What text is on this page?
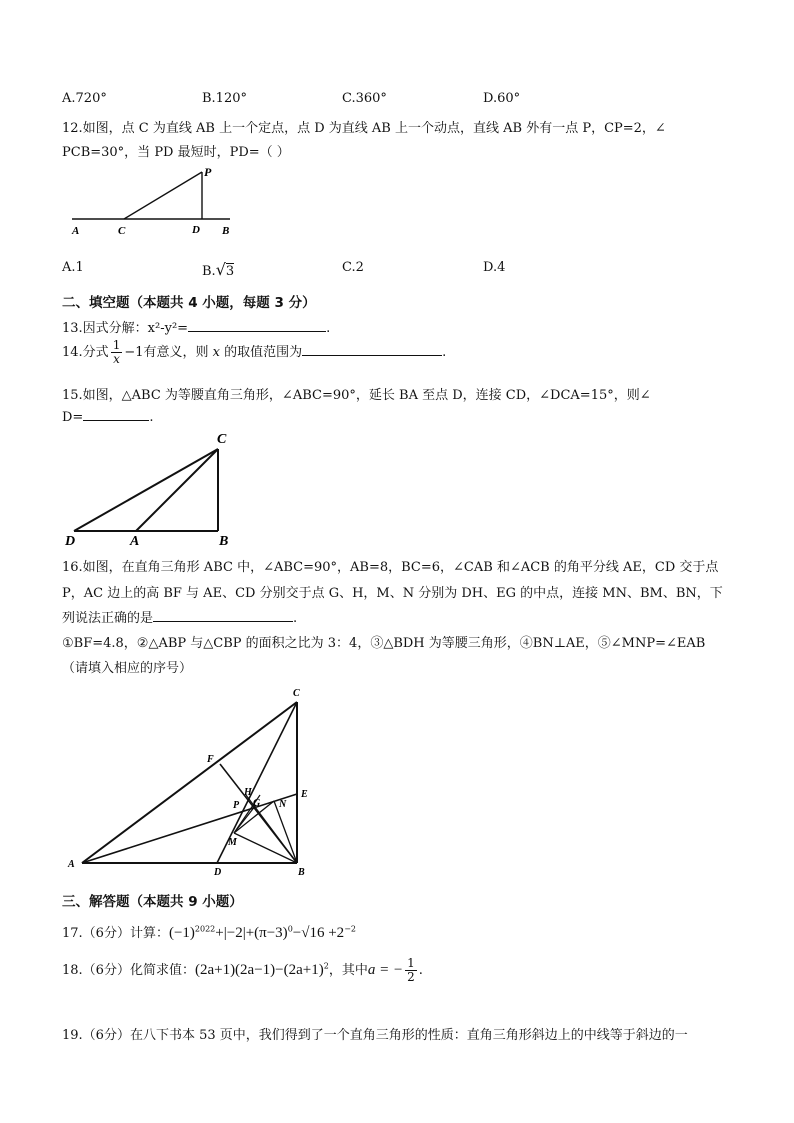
A.720°	B.120°	C.360°	D.60°
12.如图，点 C 为直线 AB 上一个定点，点 D 为直线 AB 上一个动点，直线 AB 外有一点 P，CP=2，∠
PCB=30°，当 PD 最短时，PD=（ ）
P
A	C	D B
A.1	B.√3	C.2	D.4
二、填空题（本题共 4 小题，每题 3 分）
13.因式分解：x²-y²=	.
14.分式 $\frac{1}{x} -1$有意义，则 x 的取值范围为	.
15.如图，△ABC 为等腰直角三角形，∠ABC=90°，延长 BA 至点 D，连接 CD，∠DCA=15°，则∠
D=	.
C
D	A	B
16.如图，在直角三角形 ABC 中，∠ABC=90°，AB=8，BC=6，∠CAB 和∠ACB 的角平分线 AE，CD 交于点
P，AC 边上的高 BF 与 AE、CD 分别交于点 G、H，M、N 分别为 DH、EG 的中点，连接 MN、BM、BN，下
列说法正确的是	.
①BF=4.8，②△ABP 与△CBP 的面积之比为 3：4，③△BDH 为等腰三角形，④BN⊥AE，⑤∠MNP=∠EAB
（请填入相应的序号）
C
F
E
H
P G N
M
A
D	B
三、解答题（本题共 9 小题）
17.（6分）计算：$(-1)^{2022}+|-2|+(\pi-3)^0-√16 +2^{-2}$
18.（6分）化简求值：$(2a+1)(2a-1)-(2a+1)^2$，其中a = − $\frac{1}{2}$ .
19.（6分）在八下书本 53 页中，我们得到了一个直角三角形的性质：直角三角形斜边上的中线等于斜边的一
